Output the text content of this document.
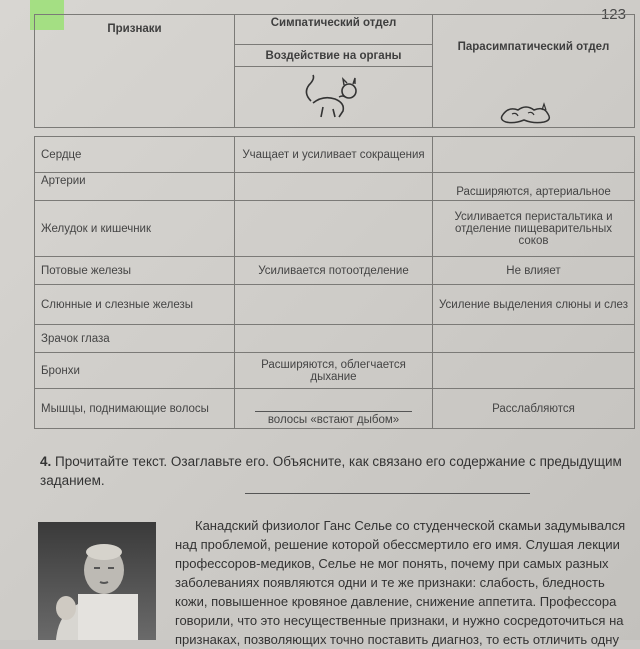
123
Признаки	Симпатический отдел	Парасимпатический отдел
Воздействие на органы

Сердце	Учащает и усиливает сокращения	
Артерии		Расширяются, артериальное
Желудок и кишечник		Усиливается перистальтика и отделение пищеварительных соков
Потовые железы	Усиливается потоотделение	Не влияет
Слюнные и слезные железы		Усиление выделения слюны и слез
Зрачок глаза		
Бронхи	Расширяются, облегчается дыхание	
Мышцы, поднимающие волосы	волосы «встают дыбом»	Расслабляются
4. Прочитайте текст. Озаглавьте его. Объясните, как связано его содержание с предыдущим заданием.
Канадский физиолог Ганс Селье со студенческой скамьи задумывался
над проблемой, решение которой обессмертило его имя. Слушая лекции
профессоров-медиков, Селье не мог понять, почему при самых разных
заболеваниях появляются одни и те же признаки: слабость, бледность
кожи, повышенное кровяное давление, снижение аппетита. Профессора
говорили, что это несущественные признаки, и нужно сосредоточиться на
признаках, позволяющих точно поставить диагноз, то есть отличить одну
